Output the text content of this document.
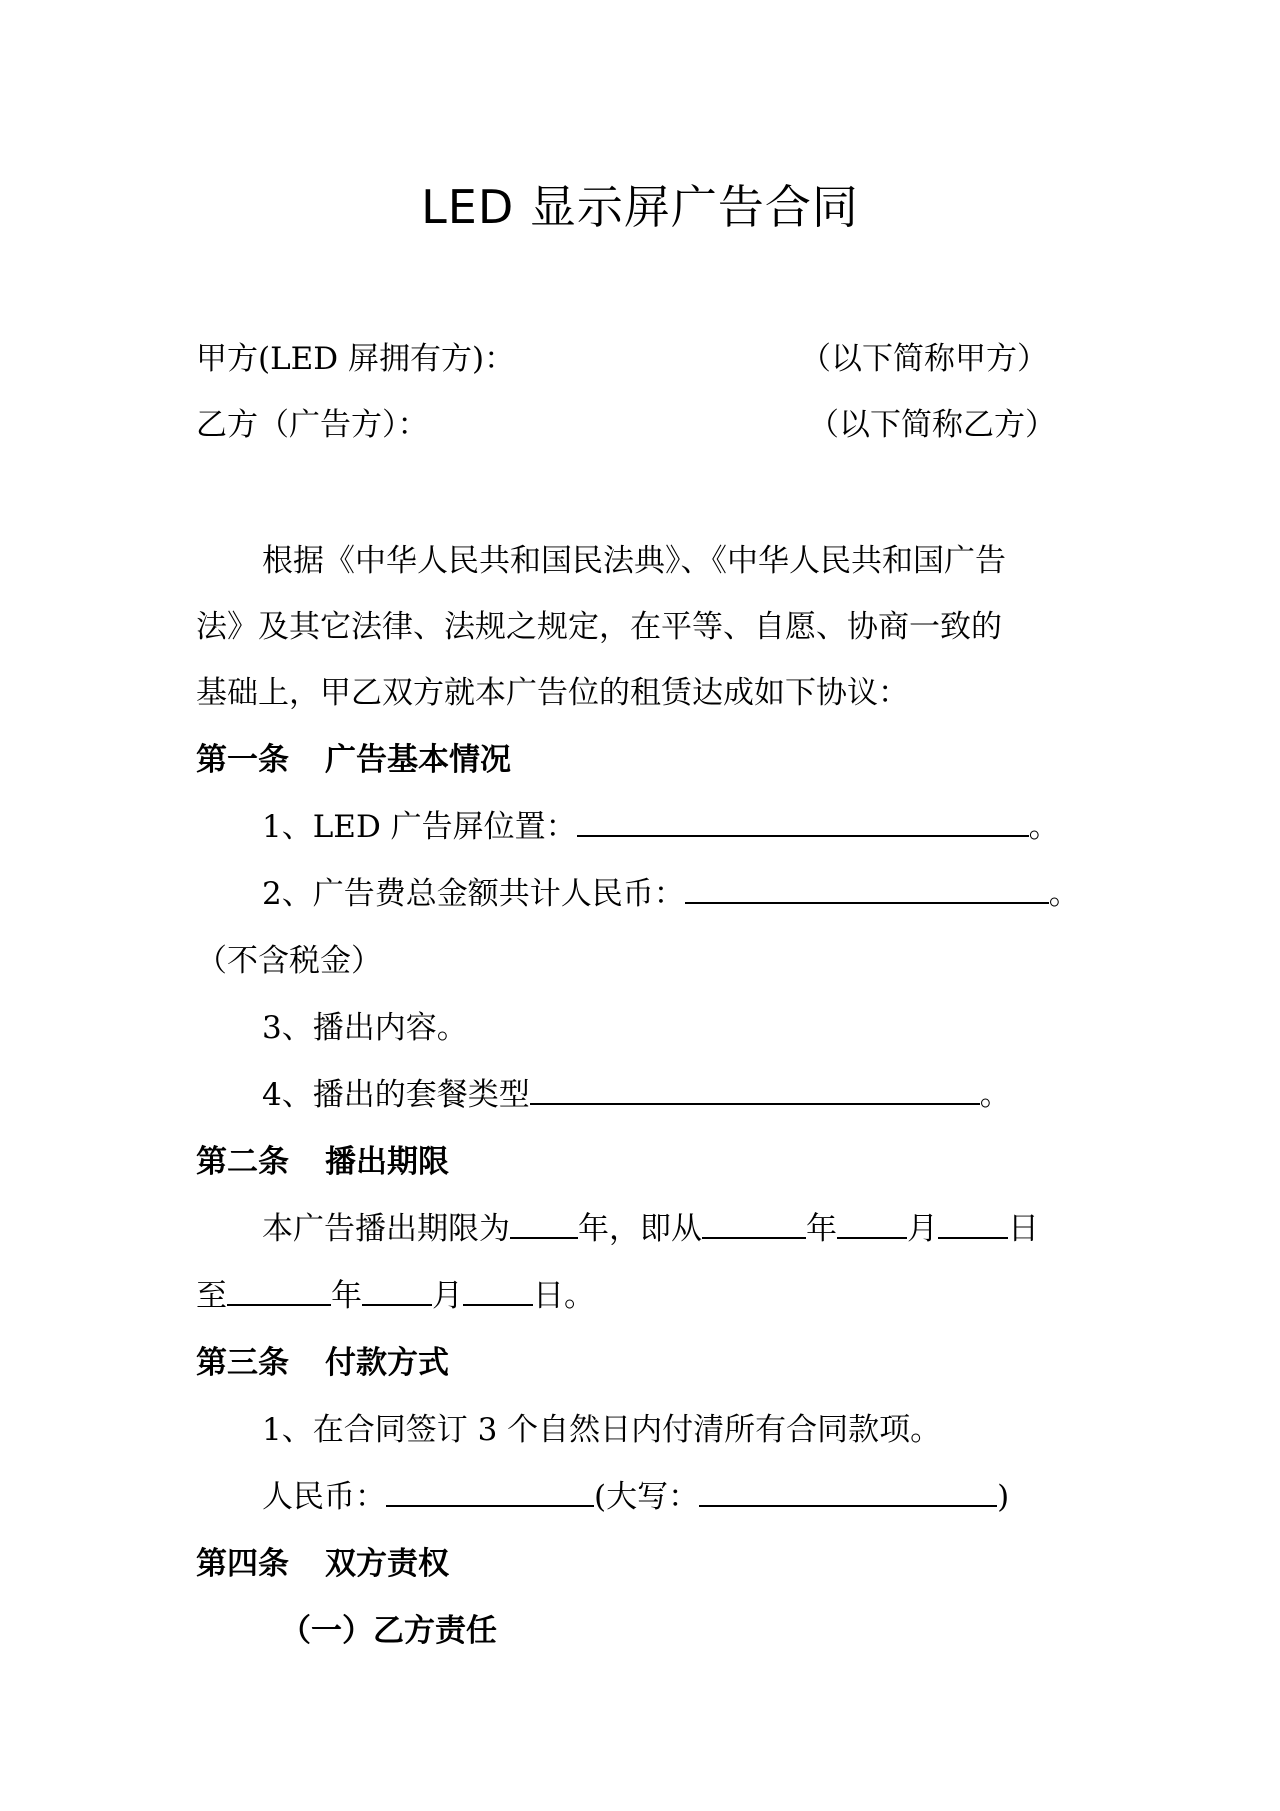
LED 显示屏广告合同
甲方(LED 屏拥有方)：	（以下简称甲方）
乙方（广告方）：	（以下简称乙方）
根据《中华人民共和国民法典》、《中华人民共和国广告
法》及其它法律、法规之规定，在平等、自愿、协商一致的
基础上，甲乙双方就本广告位的租赁达成如下协议：
第一条 广告基本情况
1、LED 广告屏位置：	。
2、广告费总金额共计人民币：	。
（不含税金）
3、播出内容。
4、播出的套餐类型	。
第二条 播出期限
本广告播出期限为 年，即从	年 月 日
至	年 月 日。
第三条 付款方式
1、在合同签订 3 个自然日内付清所有合同款项。
人民币：	(大写：	)
第四条 双方责权
（一）乙方责任
